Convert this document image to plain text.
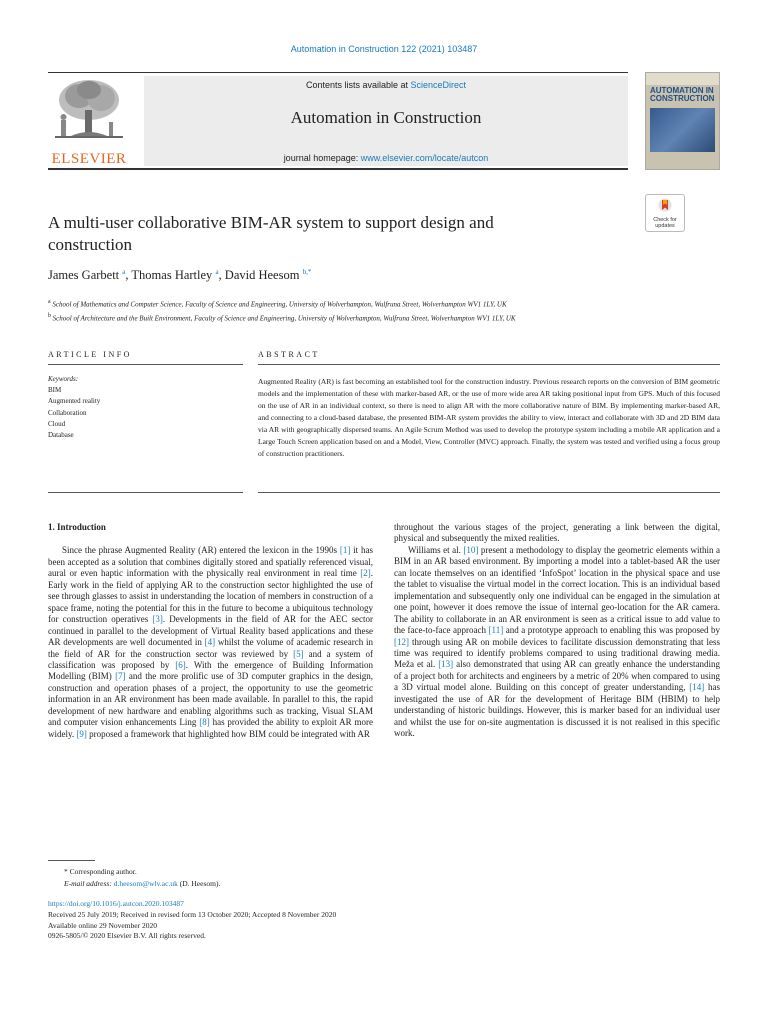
Automation in Construction 122 (2021) 103487
ELSEVIER
Contents lists available at ScienceDirect
Automation in Construction
journal homepage: www.elsevier.com/locate/autcon
AUTOMATION IN CONSTRUCTION
Check for updates
A multi-user collaborative BIM-AR system to support design and construction
James Garbett $^a$, Thomas Hartley $^a$, David Heesom $^{b,*}$
$^a$ School of Mathematics and Computer Science, Faculty of Science and Engineering, University of Wolverhampton, Wulfruna Street, Wolverhampton WV1 1LY, UK
$^b$ School of Architecture and the Built Environment, Faculty of Science and Engineering, University of Wolverhampton, Wulfruna Street, Wolverhampton WV1 1LY, UK
ARTICLE INFO	ABSTRACT
Keywords:
BIM
Augmented reality
Collaboration
Cloud
Database
Augmented Reality (AR) is fast becoming an established tool for the construction industry. Previous research reports on the conversion of BIM geometric models and the implementation of these with marker-based AR, or the use of more wide area AR taking positional input from GPS. Much of this focused on the use of AR in an individual context, so there is need to align AR with the more collaborative nature of BIM. By implementing marker-based AR, and connecting to a cloud-based database, the presented BIM-AR system provides the ability to view, interact and collaborate with 3D and 2D BIM data via AR with geographically dispersed teams. An Agile Scrum Method was used to develop the prototype system including a mobile AR application and a Large Touch Screen application based on and a Model, View, Controller (MVC) approach. Finally, the system was tested and verified using a focus group of construction practitioners.
1. Introduction

Since the phrase Augmented Reality (AR) entered the lexicon in the 1990s [1] it has been accepted as a solution that combines digitally stored and spatially referenced visual, aural or even haptic information with the physically real environment in real time [2]. Early work in the field of applying AR to the construction sector highlighted the use of see through glasses to assist in understanding the location of members in construction of a space frame, noting the potential for this in the future to become a ubiquitous technology for construction operatives [3]. Developments in the field of AR for the AEC sector continued in parallel to the development of Virtual Reality based applications and these AR developments are well documented in [4] whilst the volume of academic research in the field of AR for the construction sector was reviewed by [5] and a system of classification was proposed by [6]. With the emergence of Building Information Modelling (BIM) [7] and the more prolific use of 3D computer graphics in the design, construction and operation phases of a project, the opportunity to use the geometric information in an AR environment has been made available. In parallel to this, the rapid development of new hardware and enabling algorithms such as tracking, Visual SLAM and computer vision enhancements Ling [8] has provided the ability to exploit AR more widely. [9] proposed a framework that highlighted how BIM could be integrated with AR

throughout the various stages of the project, generating a link between the digital, physical and subsequently the mixed realities.

Williams et al. [10] present a methodology to display the geometric elements within a BIM in an AR based environment. By importing a model into a tablet-based AR the user can locate themselves on an identified ‘InfoSpot’ location in the physical space and use the tablet to visualise the virtual model in the correct location. This is an individual based implementation and subsequently only one individual can be engaged in the simulation at one point, however it does remove the issue of internal geo-location for the AR camera. The ability to collaborate in an AR environment is seen as a critical issue to add value to the face-to-face approach [11] and a prototype approach to enabling this was proposed by [12] through using AR on mobile devices to facilitate discussion demonstrating that less time was required to identify problems compared to using traditional drawing media. Meža et al. [13] also demonstrated that using AR can greatly enhance the understanding of a project both for architects and engineers by a metric of 20% when compared to using a 3D virtual model alone. Building on this concept of greater understanding, [14] has investigated the use of AR for the development of Heritage BIM (HBIM) to help understanding of historic buildings. However, this is marker based for an individual user and whilst the use for on-site augmentation is discussed it is not realised in this specific work.

* Corresponding author.
E-mail address: d.heesom@wlv.ac.uk (D. Heesom).
https://doi.org/10.1016/j.autcon.2020.103487
Received 25 July 2019; Received in revised form 13 October 2020; Accepted 8 November 2020
Available online 29 November 2020
0926-5805/© 2020 Elsevier B.V. All rights reserved.
